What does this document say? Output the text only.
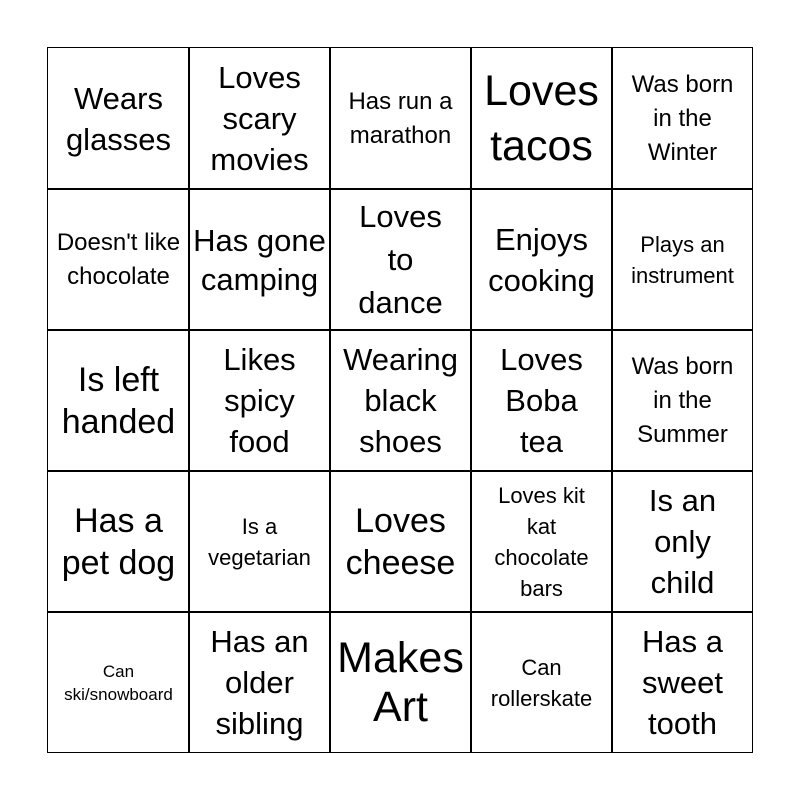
Wears glasses
Loves scary movies
Has run a marathon
Loves tacos
Was born in the Winter
Doesn't like chocolate
Has gone camping
Loves to dance
Enjoys cooking
Plays an instrument
Is left handed
Likes spicy food
Wearing black shoes
Loves Boba tea
Was born in the Summer
Has a pet dog
Is a vegetarian
Loves cheese
Loves kit kat chocolate bars
Is an only child
Can ski/snowboard
Has an older sibling
Makes Art
Can rollerskate
Has a sweet tooth
